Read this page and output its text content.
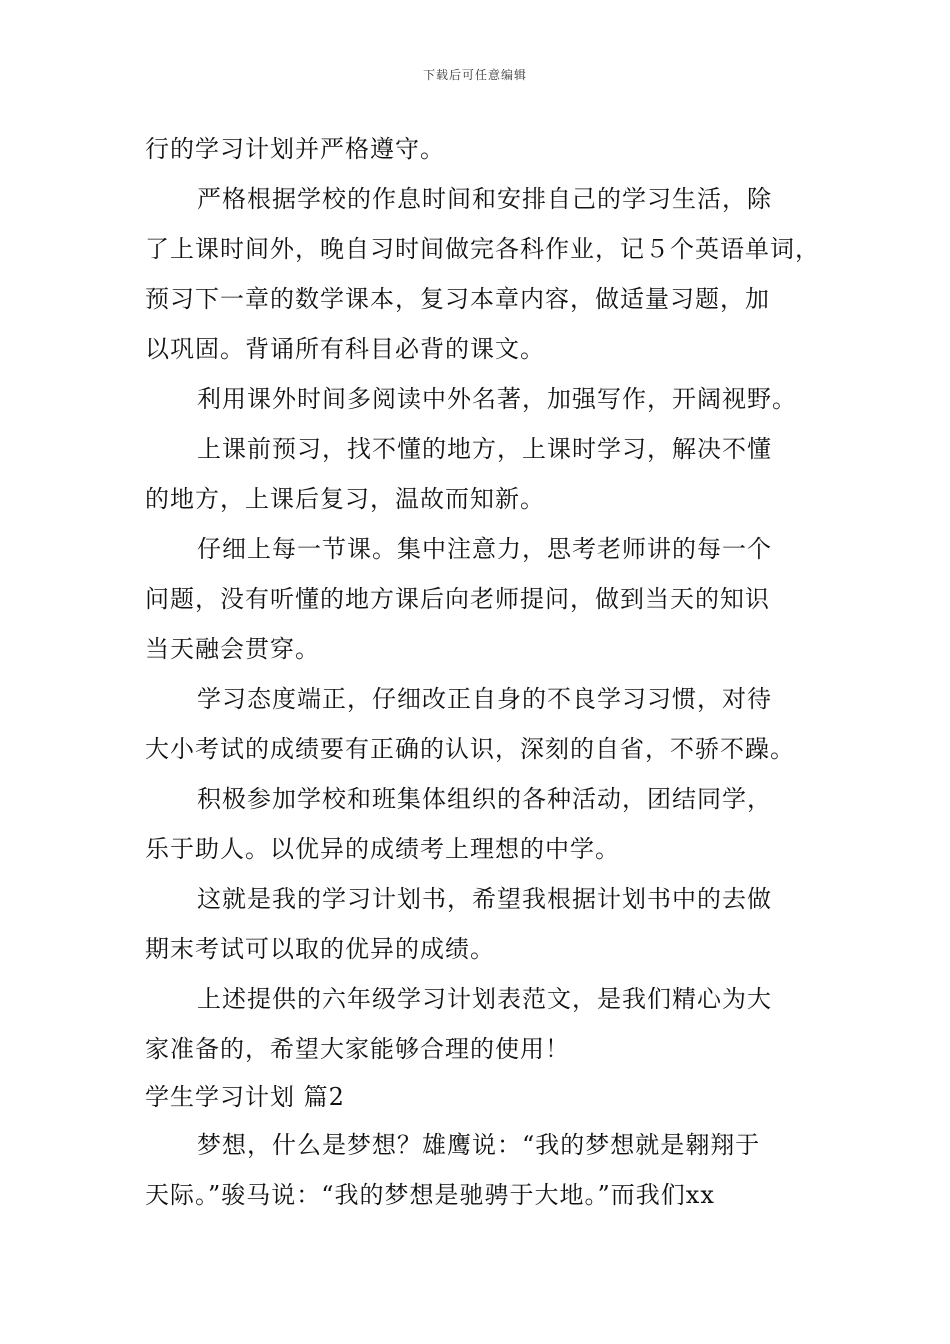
下载后可任意编辑
行的学习计划并严格遵守。
严格根据学校的作息时间和安排自己的学习生活，除
了上课时间外，晚自习时间做完各科作业，记５个英语单词，
预习下一章的数学课本，复习本章内容，做适量习题，加
以巩固。背诵所有科目必背的课文。
利用课外时间多阅读中外名著，加强写作，开阔视野。
上课前预习，找不懂的地方，上课时学习，解决不懂
的地方，上课后复习，温故而知新。
仔细上每一节课。集中注意力，思考老师讲的每一个
问题，没有听懂的地方课后向老师提问，做到当天的知识
当天融会贯穿。
学习态度端正，仔细改正自身的不良学习习惯，对待
大小考试的成绩要有正确的认识，深刻的自省，不骄不躁。
积极参加学校和班集体组织的各种活动，团结同学，
乐于助人。以优异的成绩考上理想的中学。
这就是我的学习计划书，希望我根据计划书中的去做
期末考试可以取的优异的成绩。
上述提供的六年级学习计划表范文，是我们精心为大
家准备的，希望大家能够合理的使用！
学生学习计划 篇2
梦想，什么是梦想？雄鹰说：“我的梦想就是翱翔于
天际。”骏马说：“我的梦想是驰骋于大地。”而我们xx
